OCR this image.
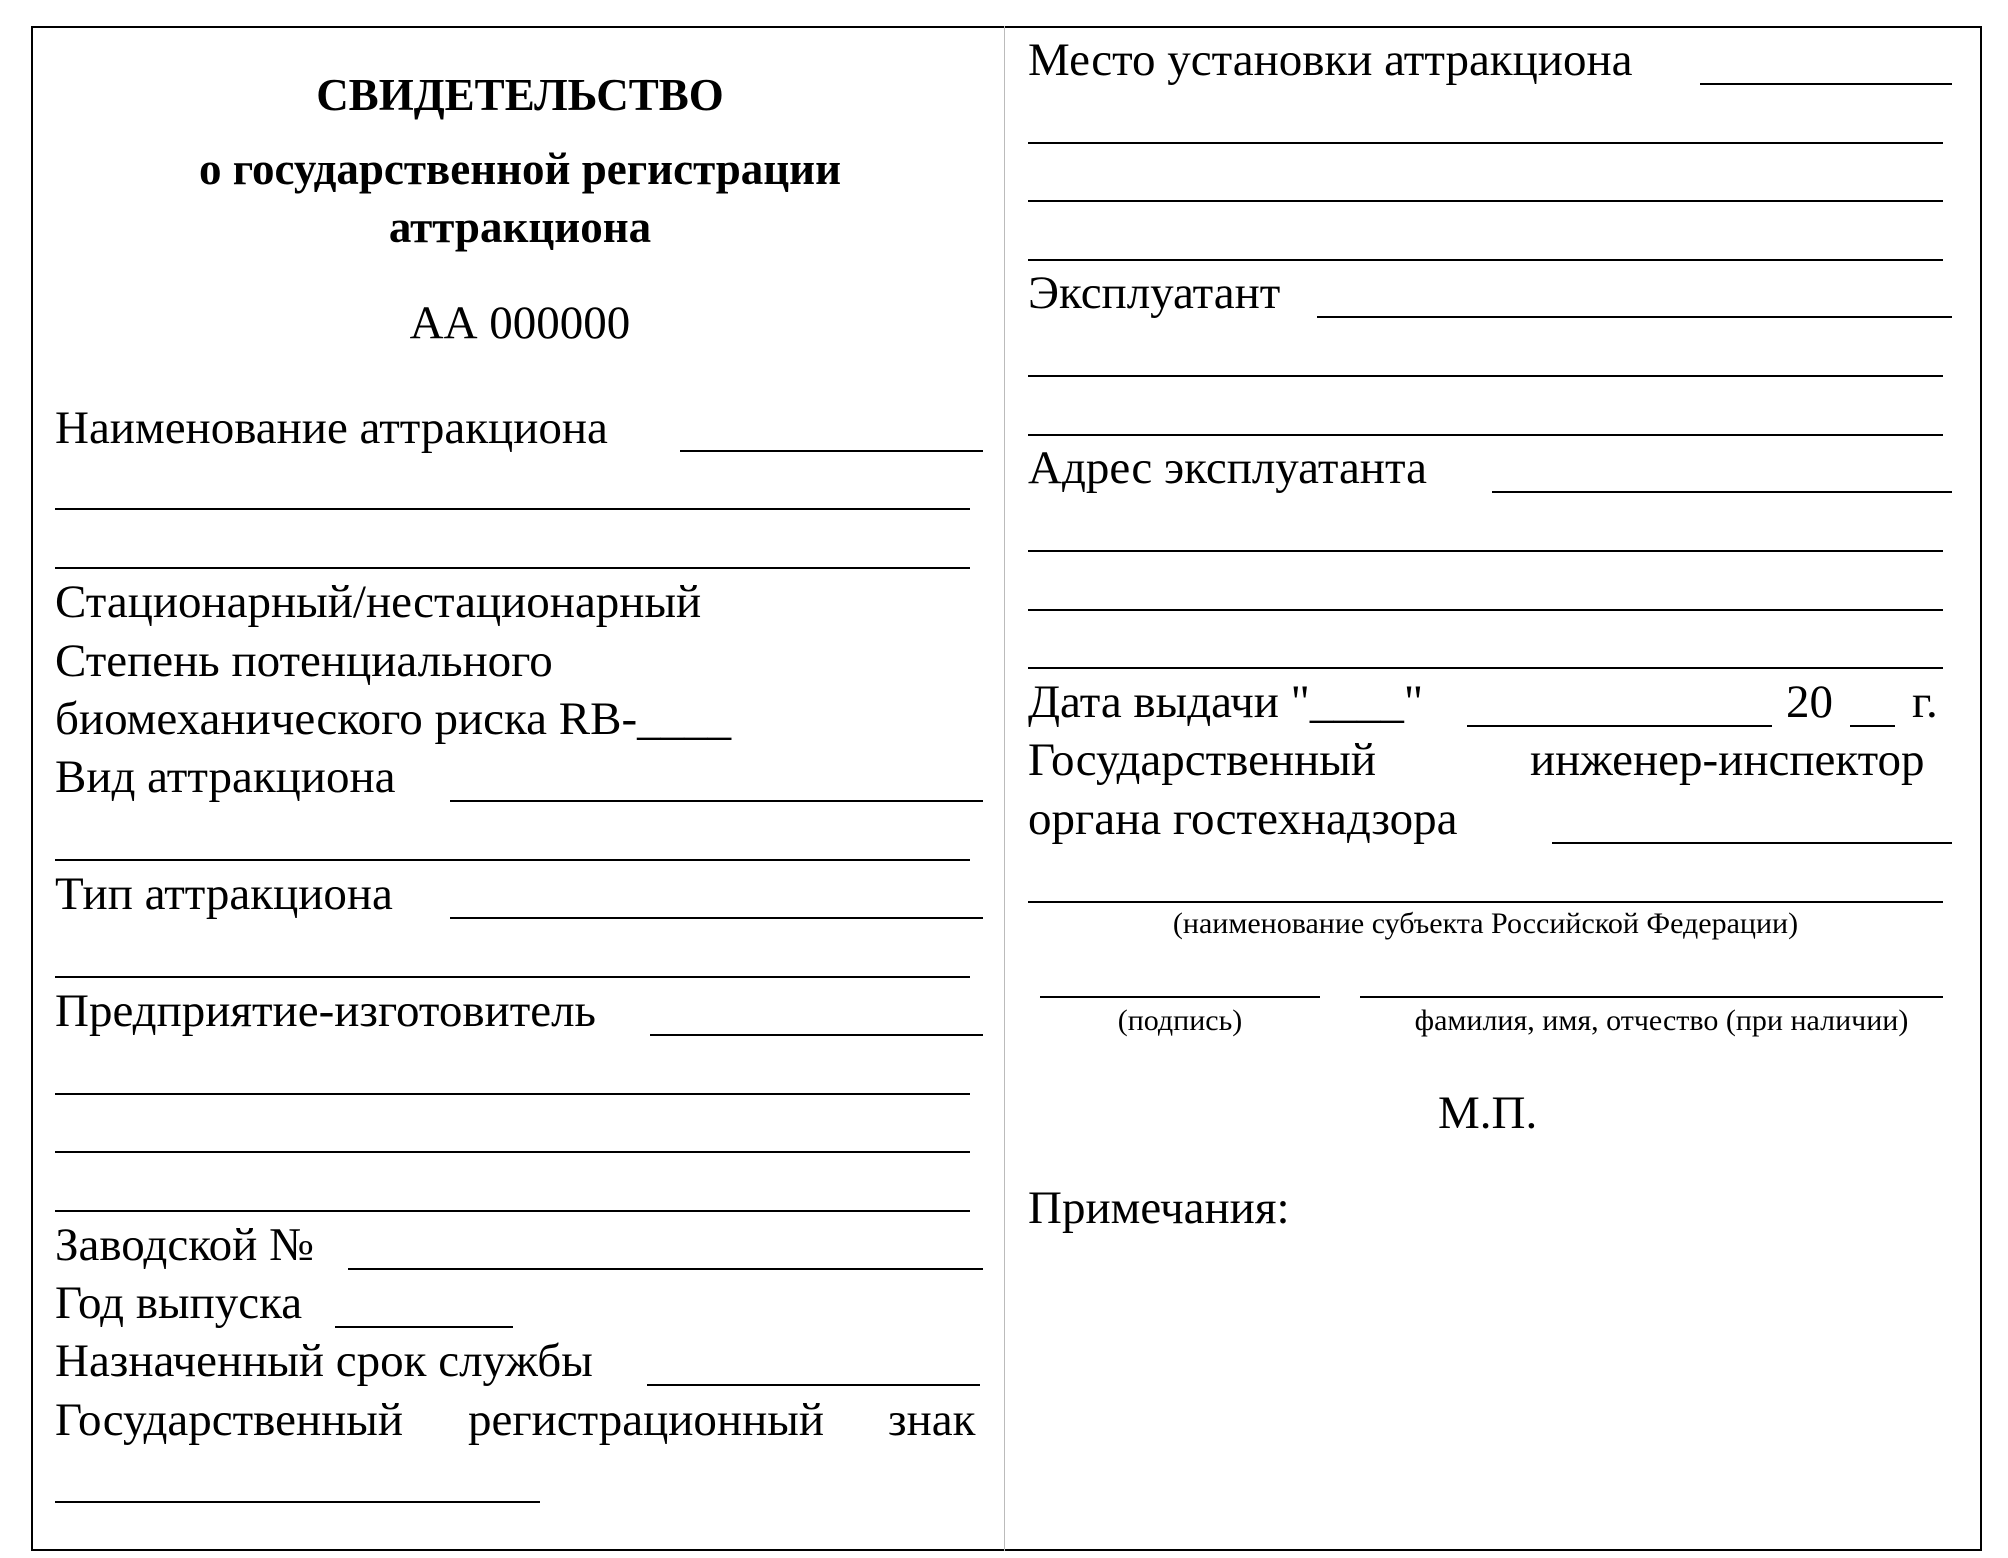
СВИДЕТЕЛЬСТВО
о государственной регистрации
аттракциона
АА 000000
Наименование аттракциона
Стационарный/нестационарный
Степень потенциального
биомеханического риска RB-____
Вид аттракциона
Тип аттракциона
Предприятие-изготовитель
Заводской №
Год выпуска
Назначенный срок службы
Государственный регистрационный знак
Место установки аттракциона
Эксплуатант
Адрес эксплуатанта
Дата выдачи "____"	20 г.
Государственный	инженер-инспектор
органа гостехнадзора
(наименование субъекта Российской Федерации)
(подпись)	фамилия, имя, отчество (при наличии)
М.П.
Примечания:
